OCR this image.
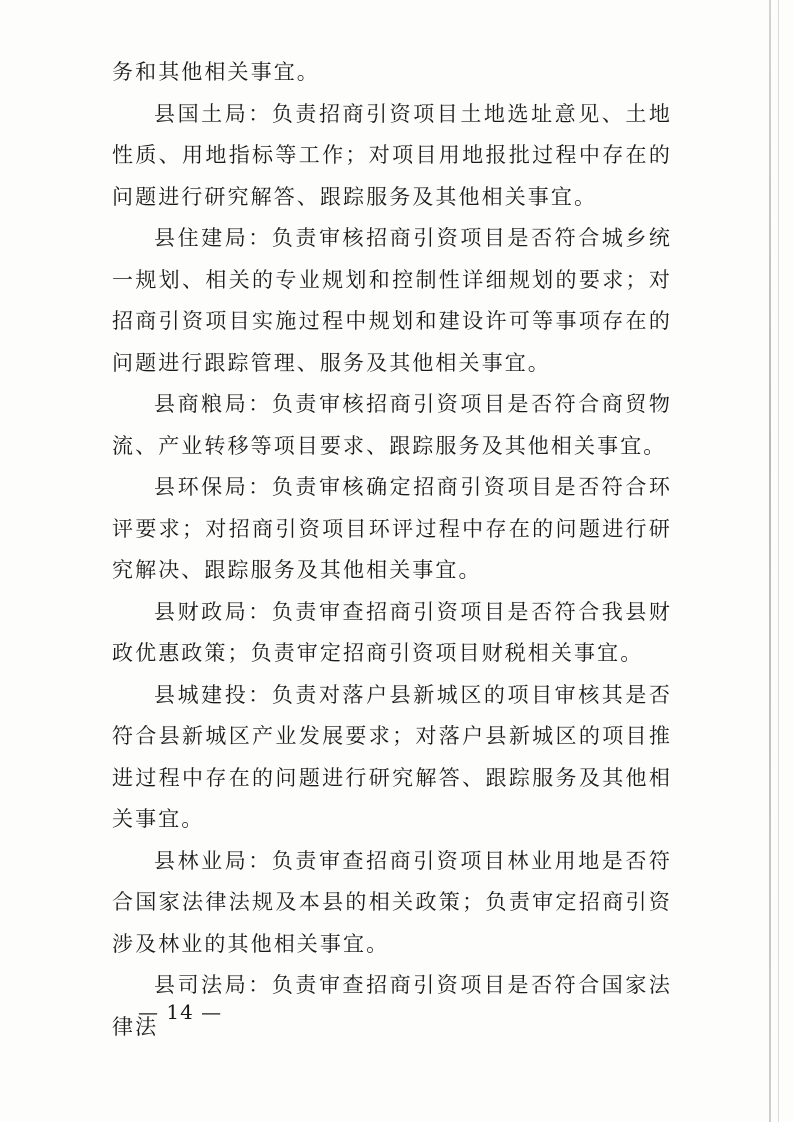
务和其他相关事宜。

县国土局：负责招商引资项目土地选址意见、土地性质、用地指标等工作；对项目用地报批过程中存在的问题进行研究解答、跟踪服务及其他相关事宜。

县住建局：负责审核招商引资项目是否符合城乡统一规划、相关的专业规划和控制性详细规划的要求；对招商引资项目实施过程中规划和建设许可等事项存在的问题进行跟踪管理、服务及其他相关事宜。

县商粮局：负责审核招商引资项目是否符合商贸物流、产业转移等项目要求、跟踪服务及其他相关事宜。

县环保局：负责审核确定招商引资项目是否符合环评要求；对招商引资项目环评过程中存在的问题进行研究解决、跟踪服务及其他相关事宜。

县财政局：负责审查招商引资项目是否符合我县财政优惠政策；负责审定招商引资项目财税相关事宜。

县城建投：负责对落户县新城区的项目审核其是否符合县新城区产业发展要求；对落户县新城区的项目推进过程中存在的问题进行研究解答、跟踪服务及其他相关事宜。

县林业局：负责审查招商引资项目林业用地是否符合国家法律法规及本县的相关政策；负责审定招商引资涉及林业的其他相关事宜。

县司法局：负责审查招商引资项目是否符合国家法律法

— 14 —
